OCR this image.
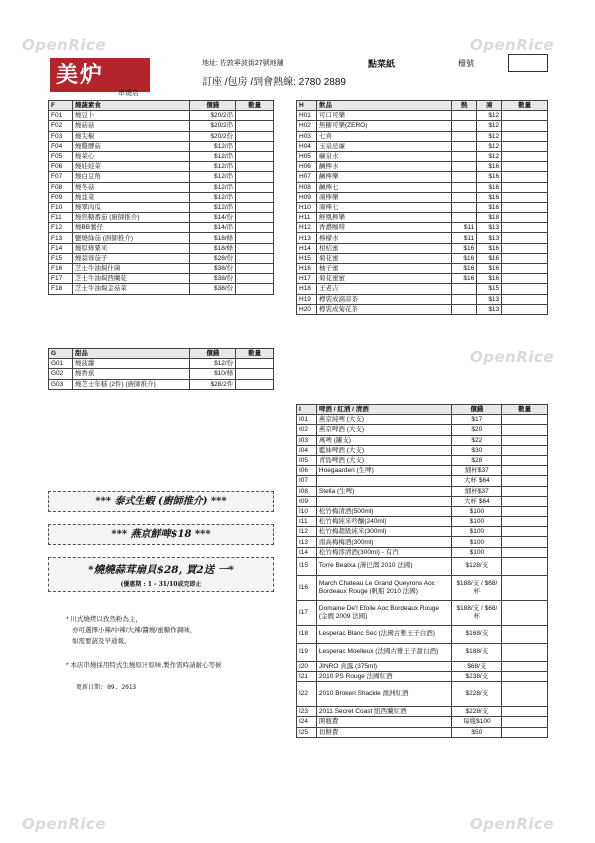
OpenRice	OpenRice
OpenRice
OpenRice	OpenRice
美炉
串燒店
地址: 佐敦寧波街27號地舖	點菜紙	檯號
訂座 /包房 /到會熱線: 2780 2889
F	燒蔬素食	價錢	數量
F01	燒豆卜	$20/2串	
F02	燒菇菇	$20/2串	
F03	燒尖椒	$20/2份	
F04	燒雞髀菇	$12/串	
F05	燒菜心	$12/串	
F06	燒娃娃菜	$12/串	
F07	燒白豆角	$12/串	
F08	燒冬菇	$12/串	
F09	燒韭菜	$12/串	
F10	燒翠肉瓜	$12/串	
F11	燒焦糖番茄 (廚師推介)	$14/份	
F12	燒BB薯仔	$14/串	
F13	鹽燒綠茄 (廚師推介)	$18/條	
F14	燒原條粟米	$18/條	
F15	燒蒜蓉茄子	$28/份	
F16	芝士牛油焗什菌	$38/份	
F17	芝士牛油焗西蘭花	$38/份	
F18	芝士牛油焗金菇菜	$38/份	
G	甜品	價錢	數量
G01	燒菠蘿	$12/份	
G02	燒香蕉	$10/條	
G03	燒芝士年糕 (2件) (廚師推介)	$28/2件	
H	飲品	熱	凍	數量
H01	可口可樂		$12	
H02	無糖可樂(ZERO)		$12	
H03	七喜		$12	
H04	玉泉忌廉		$12	
H05	礦泉水		$12	
H06	鹹檸水		$16	
H07	鹹檸樂		$16	
H08	鹹檸七		$16	
H09	凍檸樂		$16	
H10	凍檸七		$16	
H11	鮮凰檸樂		$18	
H12	香濃咖啡	$11	$13	
H13	檸檬水	$11	$13	
H14	柑桔蜜	$16	$16	
H15	菊花蜜	$16	$16	
H16	柚子蜜	$16	$16	
H17	菊花蜜蜜	$16	$16	
H18	王老吉		$15	
H19	樽裝成滴凉茶		$13	
H20	樽裝成菊花茶		$13	
I	啤酒 / 紅酒 / 清酒	價錢	數量
I01	燕京純啤 (大支)	$17	
I02	燕京啤酒 (大支)	$20	
I03	萬啤 (罐支)	$22	
I04	藍妹啤酒 (大支)	$30	
I05	青島啤酒 (大支)	$28	
I06	Hoegaarden (生啤)	細杯$37	
I07		大杯 $64	
I08	Stella (生啤)	細杯$37	
I09		大杯 $64	
I10	松竹梅清酒(500ml)	$100	
I11	松竹梅純米吟釀(240ml)	$100	
I12	松竹梅超級純米(300ml)	$100	
I13	南高梅梅酒(300ml)	$100	
I14	松竹梅澪清酒(300ml) - 有汽	$100	
I15	Torre Beatxa (薄巴灣 2010 法國)	$128/支	
I16	March Chateau Le Grand Queyrons Aoc Bordeaux Rouge (帆船 2010 法國)	$188/支 / $68/杯	
I17	Domaine De'l Efoile Aoc Bordeaux Rouge (金鷹 2009 法國)	$188/支 / $68/杯	
I18	Lesperac Blanc Sec (法國古雅王子白酒)	$168/支	
I19	Lesperac Moelleux (法國古雅王子甜白酒)	$188/支	
I20	JINRO 真露 (375ml)	$68/支	
I21	2010 PS Rouge 法國紅酒	$238/支	
I22	2010 Broken Shackle 澳洲紅酒	$228/支	
I23	2011 Secret Coast 紐西蘭紅酒	$228/支	
I24	開瓶費	每瓶$100	
I25	切餅費	$50	
*** 泰式生蝦 (廚師推介) ***
*** 燕京鮮啤$18 ***
*燒燒蒜茸扇貝$28, 買2送 一*
(優惠期 : 1 - 31/10或完即止
* 川式燒烤以孜然粉為主，
亦可選擇小辣/中辣/大辣/醬燒/蜜糖作調味，
如需要請及早通報。
* 本店串燒採用特式生燒原汁原味,製作需時請耐心等候
更新日期: 09. 2013
